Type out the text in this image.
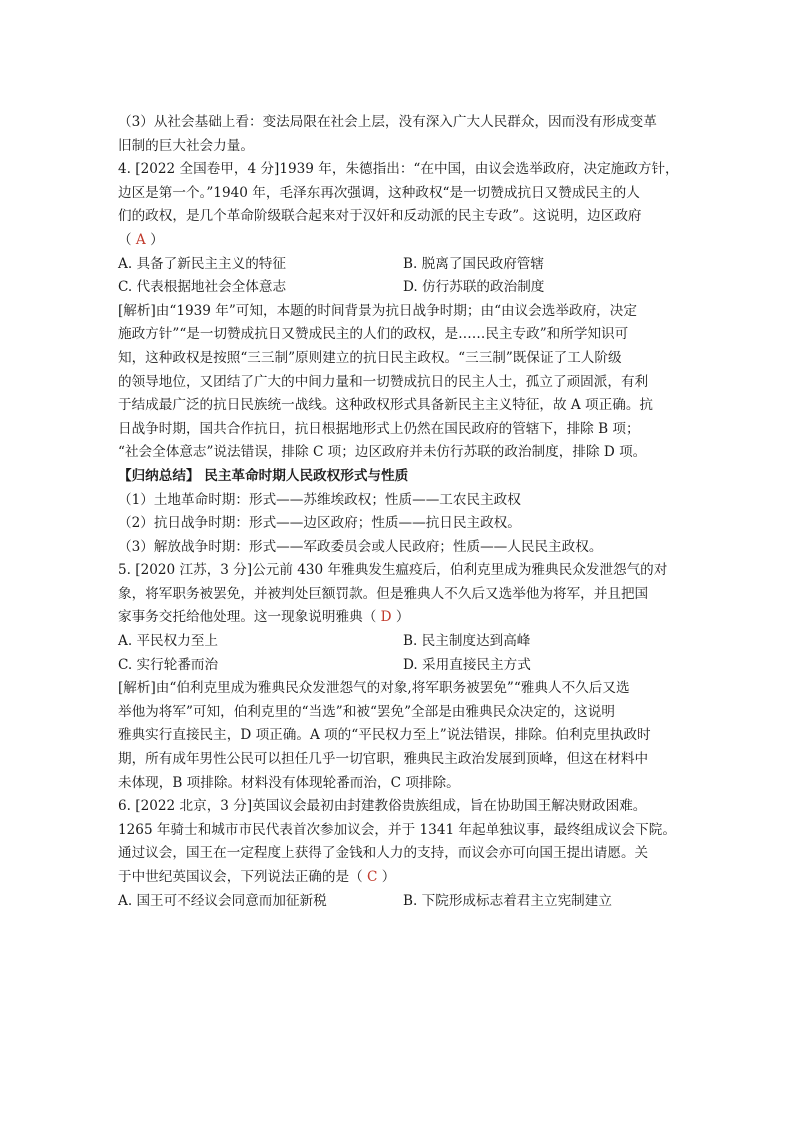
（3）从社会基础上看：变法局限在社会上层，没有深入广大人民群众，因而没有形成变革
旧制的巨大社会力量。
4. [2022 全国卷甲，4 分]1939 年，朱德指出：“在中国，由议会选举政府，决定施政方针，
边区是第一个。”1940 年，毛泽东再次强调，这种政权“是一切赞成抗日又赞成民主的人
们的政权，是几个革命阶级联合起来对于汉奸和反动派的民主专政”。这说明，边区政府
（ A ）
A. 具备了新民主主义的特征	B. 脱离了国民政府管辖
C. 代表根据地社会全体意志	D. 仿行苏联的政治制度
[解析]由“1939 年”可知，本题的时间背景为抗日战争时期；由“由议会选举政府，决定
施政方针”“是一切赞成抗日又赞成民主的人们的政权，是……民主专政”和所学知识可
知，这种政权是按照“三三制”原则建立的抗日民主政权。“三三制”既保证了工人阶级
的领导地位，又团结了广大的中间力量和一切赞成抗日的民主人士，孤立了顽固派，有利
于结成最广泛的抗日民族统一战线。这种政权形式具备新民主主义特征，故 A 项正确。抗
日战争时期，国共合作抗日，抗日根据地形式上仍然在国民政府的管辖下，排除 B 项；
“社会全体意志”说法错误，排除 C 项；边区政府并未仿行苏联的政治制度，排除 D 项。
【归纳总结】 民主革命时期人民政权形式与性质
（1）土地革命时期：形式——苏维埃政权；性质——工农民主政权
（2）抗日战争时期：形式——边区政府；性质——抗日民主政权。
（3）解放战争时期：形式——军政委员会或人民政府；性质——人民民主政权。
5. [2020 江苏，3 分]公元前 430 年雅典发生瘟疫后，伯利克里成为雅典民众发泄怨气的对
象，将军职务被罢免，并被判处巨额罚款。但是雅典人不久后又选举他为将军，并且把国
家事务交托给他处理。这一现象说明雅典（ D ）
A. 平民权力至上	B. 民主制度达到高峰
C. 实行轮番而治	D. 采用直接民主方式
[解析]由“伯利克里成为雅典民众发泄怨气的对象,将军职务被罢免”“雅典人不久后又选
举他为将军”可知，伯利克里的“当选”和被“罢免”全部是由雅典民众决定的，这说明
雅典实行直接民主，D 项正确。A 项的“平民权力至上”说法错误，排除。伯利克里执政时
期，所有成年男性公民可以担任几乎一切官职，雅典民主政治发展到顶峰，但这在材料中
未体现，B 项排除。材料没有体现轮番而治，C 项排除。
6. [2022 北京，3 分]英国议会最初由封建教俗贵族组成，旨在协助国王解决财政困难。
1265 年骑士和城市市民代表首次参加议会，并于 1341 年起单独议事，最终组成议会下院。
通过议会，国王在一定程度上获得了金钱和人力的支持，而议会亦可向国王提出请愿。关
于中世纪英国议会，下列说法正确的是（ C ）
A. 国王可不经议会同意而加征新税	B. 下院形成标志着君主立宪制建立
